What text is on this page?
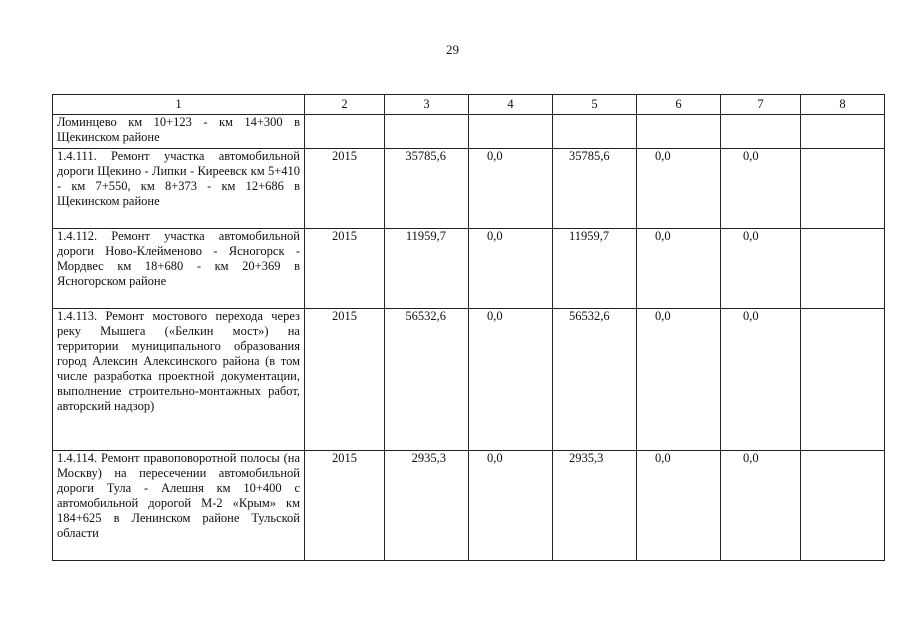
29
1	2	3	4	5	6	7	8
Ломинцево км 10+123 - км 14+300 в Щекинском районе							
1.4.111. Ремонт участка автомобильной дороги Щекино - Липки - Киреевск км 5+410 - км 7+550, км 8+373 - км 12+686 в Щекинском районе	2015	35785,6	0,0	35785,6	0,0	0,0	
1.4.112. Ремонт участка автомобильной дороги Ново-Клейменово - Ясногорск - Мордвес км 18+680 - км 20+369 в Ясногорском районе	2015	11959,7	0,0	11959,7	0,0	0,0	
1.4.113. Ремонт мостового перехода через реку Мышега («Белкин мост») на территории муниципального образования город Алексин Алексинского района (в том числе разработка проектной документации, выполнение строительно-монтажных работ, авторский надзор)	2015	56532,6	0,0	56532,6	0,0	0,0	
1.4.114. Ремонт правоповоротной полосы (на Москву) на пересечении автомобильной дороги Тула - Алешня км 10+400 с автомобильной дорогой М-2 «Крым» км 184+625 в Ленинском районе Тульской области	2015	2935,3	0,0	2935,3	0,0	0,0	
